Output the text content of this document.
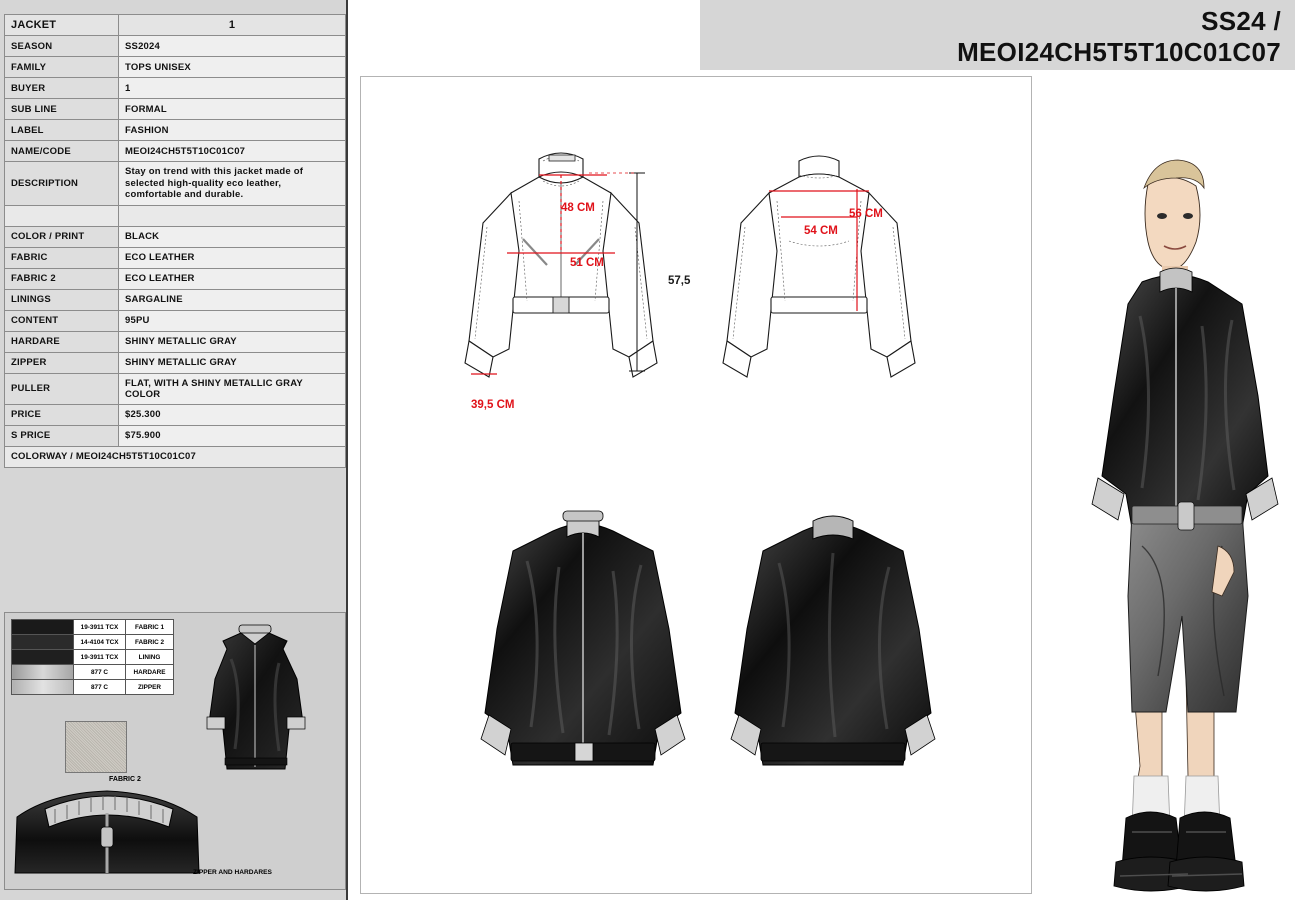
JACKET	1
SEASON	SS2024
FAMILY	TOPS UNISEX
BUYER	1
SUB LINE	FORMAL
LABEL	FASHION
NAME/CODE	MEOI24CH5T5T10C01C07
DESCRIPTION	Stay on trend with this jacket made of selected high-quality eco leather, comfortable and durable.

COLOR / PRINT	BLACK
FABRIC	ECO LEATHER
FABRIC 2	ECO LEATHER
LININGS	SARGALINE
CONTENT	95PU
HARDARE	SHINY METALLIC GRAY
ZIPPER	SHINY METALLIC GRAY
PULLER	FLAT, WITH A SHINY METALLIC GRAY COLOR
PRICE	$25.300
S PRICE	$75.900
COLORWAY / MEOI24CH5T5T10C01C07	
	19-3911 TCX	FABRIC 1
	14-4104 TCX	FABRIC 2
	19-3911 TCX	LINING
	877 C	HARDARE
	877 C	ZIPPER
FABRIC 2
ZIPPER AND HARDARES
SS24 /
MEOI24CH5T5T10C01C07
48 CM
51 CM
39,5 CM
57,5
56 CM
54 CM
